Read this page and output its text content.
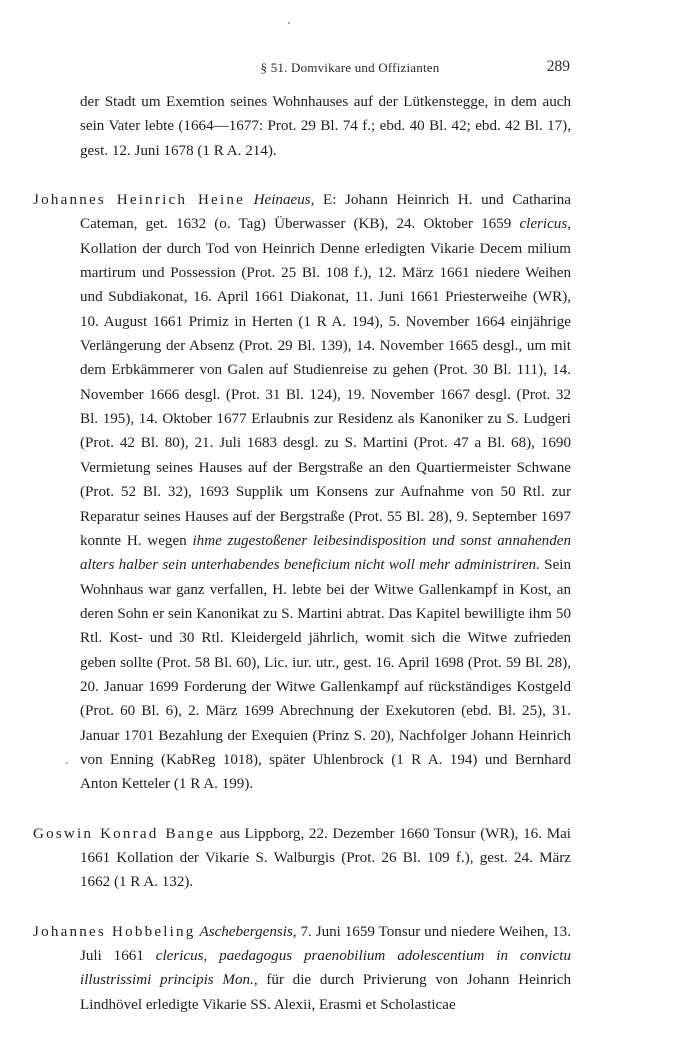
§ 51. Domvikare und Offizianten	289

der Stadt um Exemtion seines Wohnhauses auf der Lütkenstegge, in dem auch sein Vater lebte (1664—1677: Prot. 29 Bl. 74 f.; ebd. 40 Bl. 42; ebd. 42 Bl. 17), gest. 12. Juni 1678 (1 R A. 214).

Johannes Heinrich Heine Heinaeus, E: Johann Heinrich H. und Catharina Cateman, get. 1632 (o. Tag) Überwasser (KB), 24. Oktober 1659 clericus, Kollation der durch Tod von Heinrich Denne erledigten Vikarie Decem milium martirum und Possession (Prot. 25 Bl. 108 f.), 12. März 1661 niedere Weihen und Subdiakonat, 16. April 1661 Diakonat, 11. Juni 1661 Priesterweihe (WR), 10. August 1661 Primiz in Herten (1 R A. 194), 5. November 1664 einjährige Verlängerung der Absenz (Prot. 29 Bl. 139), 14. November 1665 desgl., um mit dem Erbkämmerer von Galen auf Studienreise zu gehen (Prot. 30 Bl. 111), 14. November 1666 desgl. (Prot. 31 Bl. 124), 19. November 1667 desgl. (Prot. 32 Bl. 195), 14. Oktober 1677 Erlaubnis zur Residenz als Kanoniker zu S. Ludgeri (Prot. 42 Bl. 80), 21. Juli 1683 desgl. zu S. Martini (Prot. 47 a Bl. 68), 1690 Vermietung seines Hauses auf der Bergstraße an den Quartiermeister Schwane (Prot. 52 Bl. 32), 1693 Supplik um Konsens zur Aufnahme von 50 Rtl. zur Reparatur seines Hauses auf der Bergstraße (Prot. 55 Bl. 28), 9. September 1697 konnte H. wegen ihme zugestoßener leibesindisposition und sonst annahenden alters halber sein unterhabendes beneficium nicht woll mehr administriren. Sein Wohnhaus war ganz verfallen, H. lebte bei der Witwe Gallenkampf in Kost, an deren Sohn er sein Kanonikat zu S. Martini abtrat. Das Kapitel bewilligte ihm 50 Rtl. Kost- und 30 Rtl. Kleidergeld jährlich, womit sich die Witwe zufrieden geben sollte (Prot. 58 Bl. 60), Lic. iur. utr., gest. 16. April 1698 (Prot. 59 Bl. 28), 20. Januar 1699 Forderung der Witwe Gallenkampf auf rückständiges Kostgeld (Prot. 60 Bl. 6), 2. März 1699 Abrechnung der Exekutoren (ebd. Bl. 25), 31. Januar 1701 Bezahlung der Exequien (Prinz S. 20), Nachfolger Johann Heinrich von Enning (KabReg 1018), später Uhlenbrock (1 R A. 194) und Bernhard Anton Ketteler (1 R A. 199).

Goswin Konrad Bange aus Lippborg, 22. Dezember 1660 Tonsur (WR), 16. Mai 1661 Kollation der Vikarie S. Walburgis (Prot. 26 Bl. 109 f.), gest. 24. März 1662 (1 R A. 132).

Johannes Hobbeling Aschebergensis, 7. Juni 1659 Tonsur und niedere Weihen, 13. Juli 1661 clericus, paedagogus praenobilium adolescentium in convictu illustrissimi principis Mon., für die durch Privierung von Johann Heinrich Lindhövel erledigte Vikarie SS. Alexii, Erasmi et Scholasticae
